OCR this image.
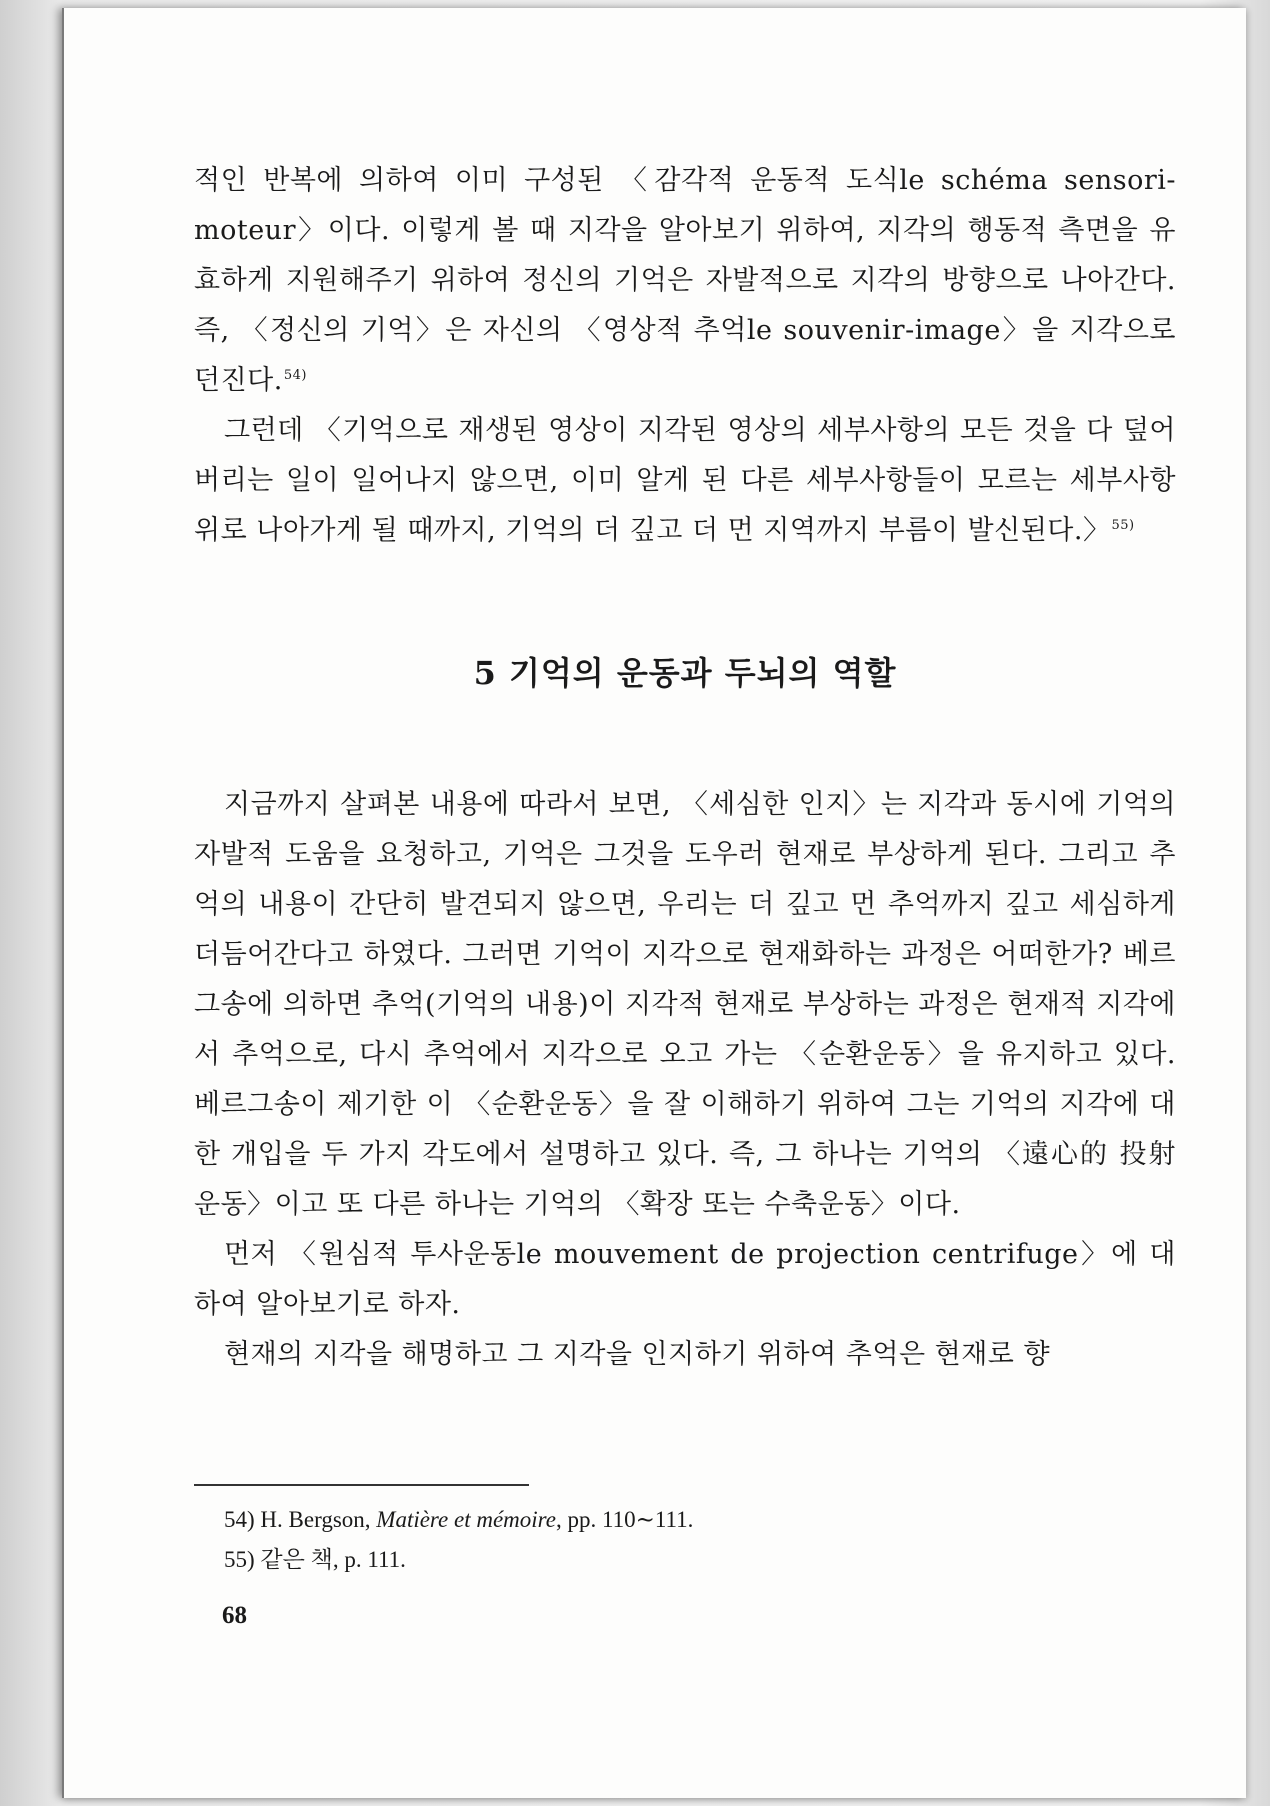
적인 반복에 의하여 이미 구성된 〈감각적 운동적 도식le schéma sensori-moteur〉이다. 이렇게 볼 때 지각을 알아보기 위하여, 지각의 행동적 측면을 유효하게 지원해주기 위하여 정신의 기억은 자발적으로 지각의 방향으로 나아간다. 즉, 〈정신의 기억〉은 자신의 〈영상적 추억le souvenir-image〉을 지각으로 던진다.$^{54)}$

그런데 〈기억으로 재생된 영상이 지각된 영상의 세부사항의 모든 것을 다 덮어버리는 일이 일어나지 않으면, 이미 알게 된 다른 세부사항들이 모르는 세부사항 위로 나아가게 될 때까지, 기억의 더 깊고 더 먼 지역까지 부름이 발신된다.〉$^{55)}$

5 기억의 운동과 두뇌의 역할

지금까지 살펴본 내용에 따라서 보면, 〈세심한 인지〉는 지각과 동시에 기억의 자발적 도움을 요청하고, 기억은 그것을 도우러 현재로 부상하게 된다. 그리고 추억의 내용이 간단히 발견되지 않으면, 우리는 더 깊고 먼 추억까지 깊고 세심하게 더듬어간다고 하였다. 그러면 기억이 지각으로 현재화하는 과정은 어떠한가? 베르그송에 의하면 추억(기억의 내용)이 지각적 현재로 부상하는 과정은 현재적 지각에서 추억으로, 다시 추억에서 지각으로 오고 가는 〈순환운동〉을 유지하고 있다. 베르그송이 제기한 이 〈순환운동〉을 잘 이해하기 위하여 그는 기억의 지각에 대한 개입을 두 가지 각도에서 설명하고 있다. 즉, 그 하나는 기억의 〈遠心的 投射 운동〉이고 또 다른 하나는 기억의 〈확장 또는 수축운동〉이다.

먼저 〈원심적 투사운동le mouvement de projection centrifuge〉에 대하여 알아보기로 하자.

현재의 지각을 해명하고 그 지각을 인지하기 위하여 추억은 현재로 향

54) H. Bergson, Matière et mémoire, pp. 110∼111.

55) 같은 책, p. 111.

68
